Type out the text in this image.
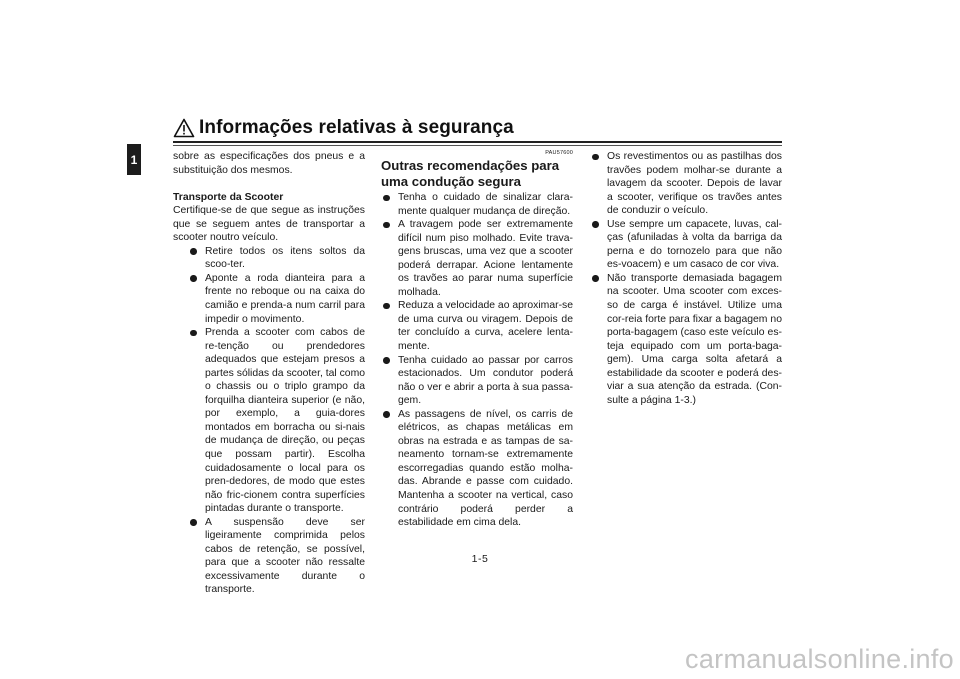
Informações relativas à segurança
1	sobre as especificações dos pneus e a substituição dos mesmos.

Transporte da Scooter

Certifique-se de que segue as instruções que se seguem antes de transportar a scooter noutro veículo.

Retire todos os itens soltos da scoo-ter.
Aponte a roda dianteira para a frente no reboque ou na caixa do camião e prenda-a num carril para impedir o movimento.
Prenda a scooter com cabos de re-tenção ou prendedores adequados que estejam presos a partes sólidas da scooter, tal como o chassis ou o triplo grampo da forquilha dianteira superior (e não, por exemplo, a guia-dores montados em borracha ou si-nais de mudança de direção, ou peças que possam partir). Escolha cuidadosamente o local para os pren-dedores, de modo que estes não fric-cionem contra superfícies pintadas durante o transporte.
A suspensão deve ser ligeiramente comprimida pelos cabos de retenção, se possível, para que a scooter não ressalte excessivamente durante o transporte.

PAU57600

Outras recomendações para uma condução segura

Tenha o cuidado de sinalizar clara-mente qualquer mudança de direção.
A travagem pode ser extremamente difícil num piso molhado. Evite trava-gens bruscas, uma vez que a scooter poderá derrapar. Acione lentamente os travões ao parar numa superfície molhada.
Reduza a velocidade ao aproximar-se de uma curva ou viragem. Depois de ter concluído a curva, acelere lenta-mente.
Tenha cuidado ao passar por carros estacionados. Um condutor poderá não o ver e abrir a porta à sua passa-gem.
As passagens de nível, os carris de elétricos, as chapas metálicas em obras na estrada e as tampas de sa-neamento tornam-se extremamente escorregadias quando estão molha-das. Abrande e passe com cuidado. Mantenha a scooter na vertical, caso contrário poderá perder a estabilidade em cima dela.
Os revestimentos ou as pastilhas dos travões podem molhar-se durante a lavagem da scooter. Depois de lavar a scooter, verifique os travões antes de conduzir o veículo.
Use sempre um capacete, luvas, cal-ças (afuniladas à volta da barriga da perna e do tornozelo para que não es-voacem) e um casaco de cor viva.
Não transporte demasiada bagagem na scooter. Uma scooter com exces-so de carga é instável. Utilize uma cor-reia forte para fixar a bagagem no porta-bagagem (caso este veículo es-teja equipado com um porta-baga-gem). Uma carga solta afetará a estabilidade da scooter e poderá des-viar a sua atenção da estrada. (Con-sulte a página 1-3.)
1-5
carmanualsonline.info
